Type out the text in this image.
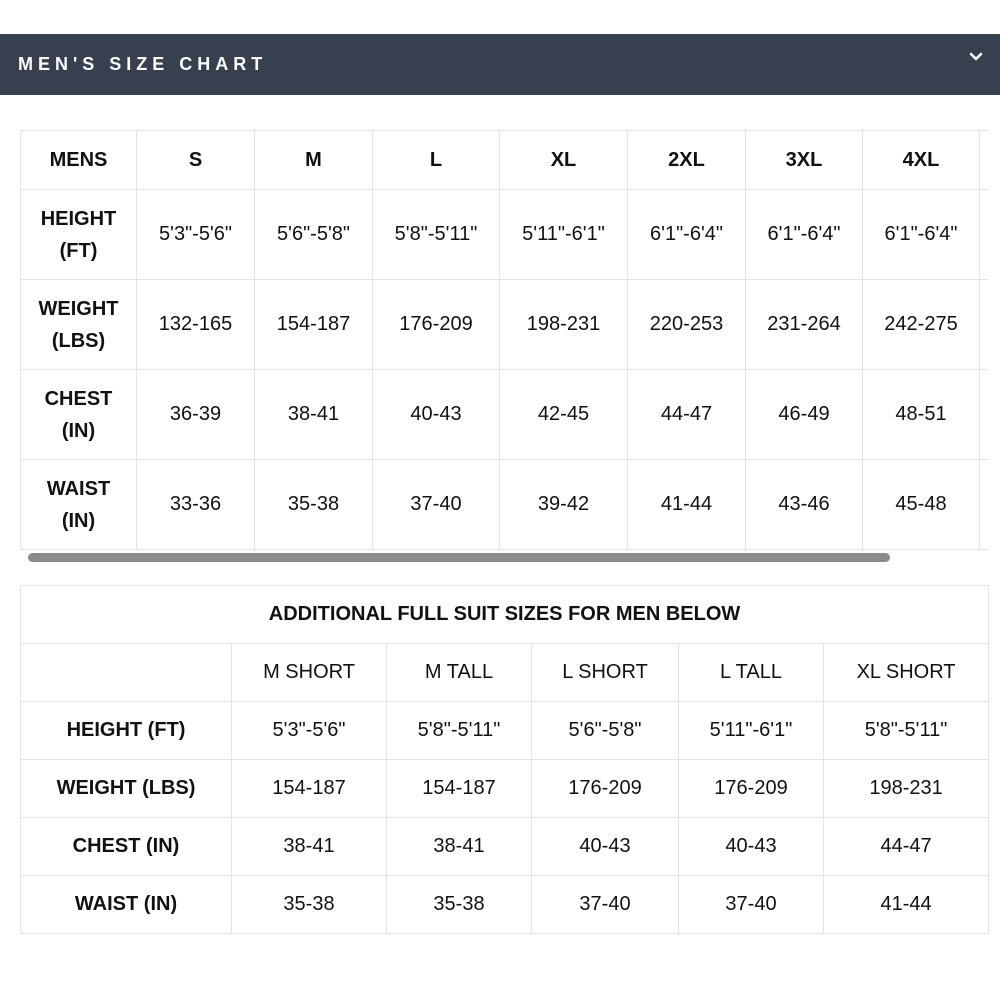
MEN'S SIZE CHART
MENS	S	M	L	XL	2XL	3XL	4XL	
HEIGHT
(FT)	5'3"-5'6"	5'6"-5'8"	5'8"-5'11"	5'11"-6'1"	6'1"-6'4"	6'1"-6'4"	6'1"-6'4"	
WEIGHT
(LBS)	132-165	154-187	176-209	198-231	220-253	231-264	242-275	
CHEST
(IN)	36-39	38-41	40-43	42-45	44-47	46-49	48-51	
WAIST
(IN)	33-36	35-38	37-40	39-42	41-44	43-46	45-48	
ADDITIONAL FULL SUIT SIZES FOR MEN BELOW					
	M SHORT	M TALL	L SHORT	L TALL	XL SHORT
HEIGHT (FT)	5'3"-5'6"	5'8"-5'11"	5'6"-5'8"	5'11"-6'1"	5'8"-5'11"
WEIGHT (LBS)	154-187	154-187	176-209	176-209	198-231
CHEST (IN)	38-41	38-41	40-43	40-43	44-47
WAIST (IN)	35-38	35-38	37-40	37-40	41-44
